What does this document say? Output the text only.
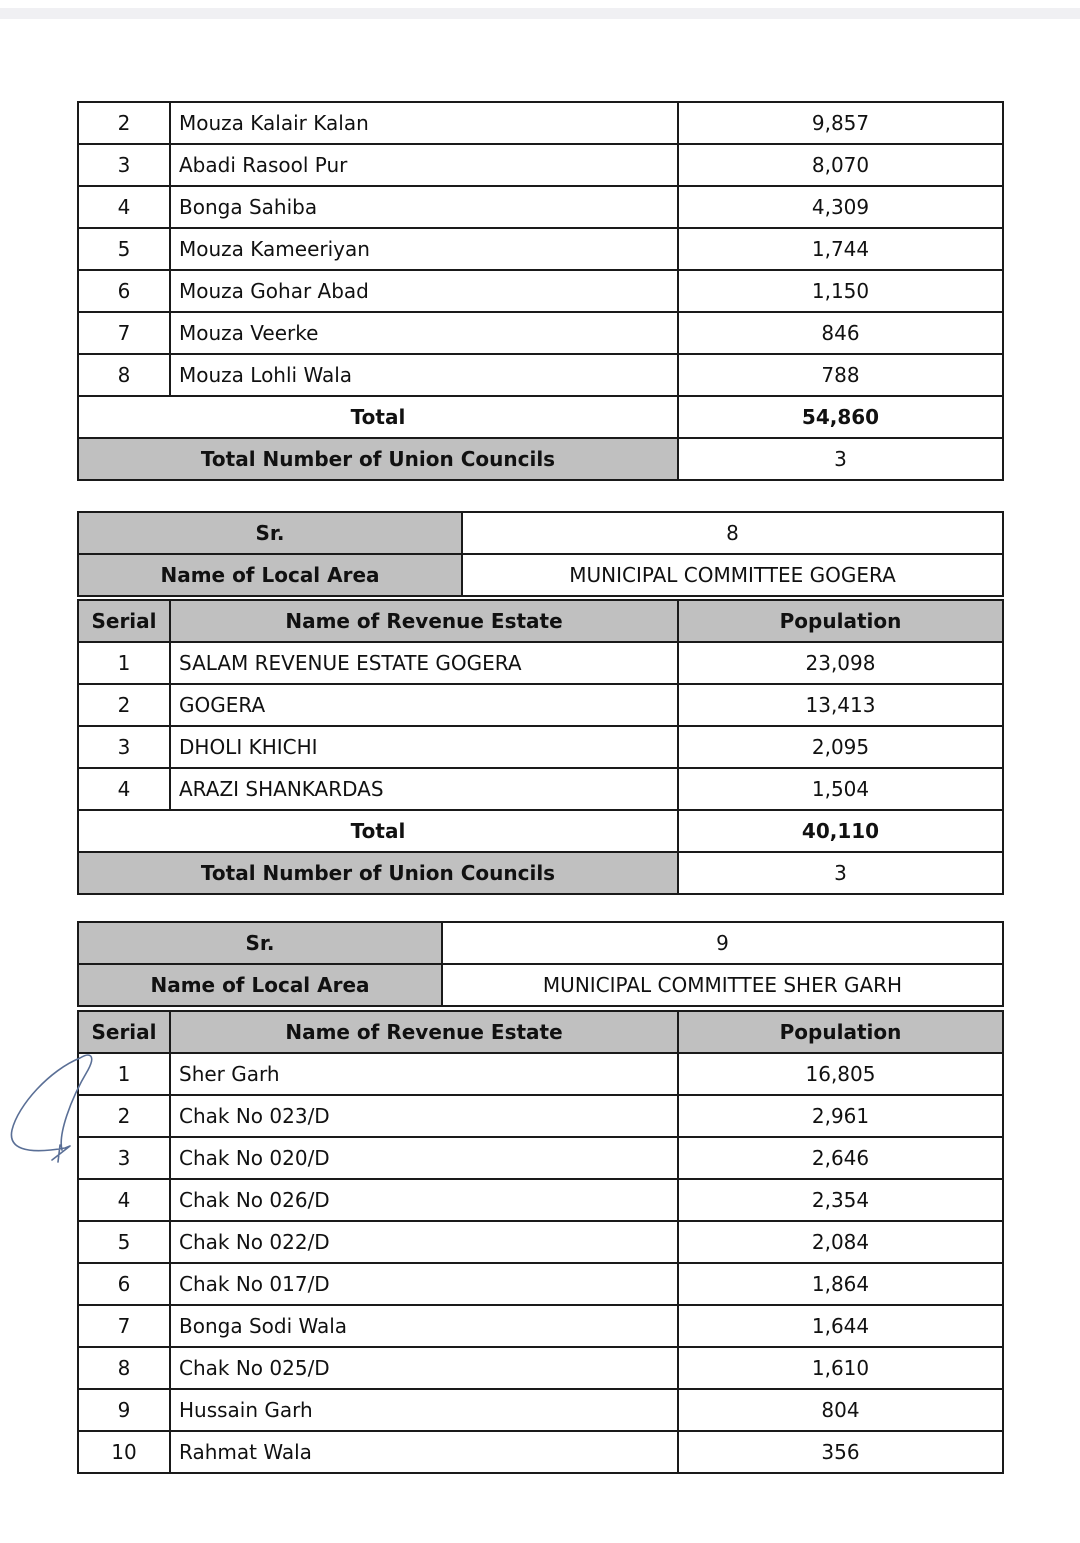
2	Mouza Kalair Kalan	9,857
3	Abadi Rasool Pur	8,070
4	Bonga Sahiba	4,309
5	Mouza Kameeriyan	1,744
6	Mouza Gohar Abad	1,150
7	Mouza Veerke	846
8	Mouza Lohli Wala	788
Total		54,860
Total Number of Union Councils		3
Sr.	8
Name of Local Area	MUNICIPAL COMMITTEE GOGERA
Serial	Name of Revenue Estate	Population
1	SALAM REVENUE ESTATE GOGERA	23,098
2	GOGERA	13,413
3	DHOLI KHICHI	2,095
4	ARAZI SHANKARDAS	1,504
Total		40,110
Total Number of Union Councils		3
Sr.	9
Name of Local Area	MUNICIPAL COMMITTEE SHER GARH
Serial	Name of Revenue Estate	Population
1	Sher Garh	16,805
2	Chak No 023/D	2,961
3	Chak No 020/D	2,646
4	Chak No 026/D	2,354
5	Chak No 022/D	2,084
6	Chak No 017/D	1,864
7	Bonga Sodi Wala	1,644
8	Chak No 025/D	1,610
9	Hussain Garh	804
10	Rahmat Wala	356
